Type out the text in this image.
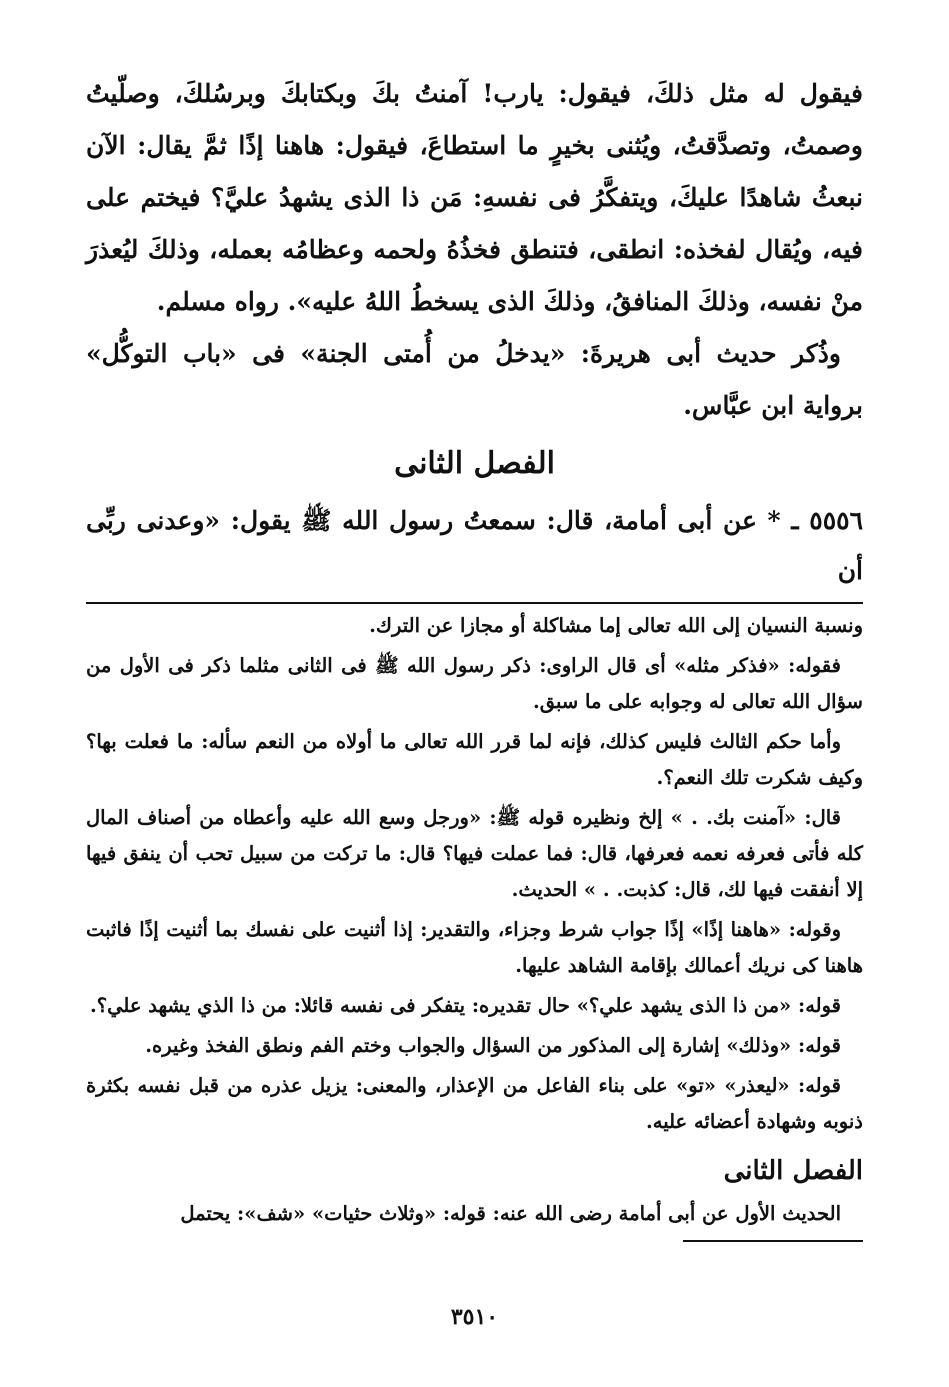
فيقول له مثل ذلكَ، فيقول: يارب! آمنتُ بكَ وبكتابكَ وبرسُلكَ، وصلّيتُ وصمتُ، وتصدَّقتُ، ويُثنى بخيرٍ ما استطاعَ، فيقول: هاهنا إذًا ثمَّ يقال: الآن نبعثُ شاهدًا عليكَ، ويتفكَّرُ فى نفسهِ: مَن ذا الذى يشهدُ عليَّ؟ فيختم على فيه، ويُقال لفخذه: انطقى، فتنطق فخذُهُ ولحمه وعظامُه بعمله، وذلكَ ليُعذرَ منْ نفسه، وذلكَ المنافقُ، وذلكَ الذى يسخطُ اللهُ عليه». رواه مسلم.

وذُكر حديث أبى هريرةَ: «يدخلُ من أُمتى الجنة» فى «باب التوكُّل» برواية ابن عبَّاس.

الفصل الثانى

٥٥٥٦ ـ * عن أبى أمامة، قال: سمعتُ رسول الله ﷺ يقول: «وعدنى ربِّى أن

ونسبة النسيان إلى الله تعالى إما مشاكلة أو مجازا عن الترك.

فقوله: «فذكر مثله» أى قال الراوى: ذكر رسول الله ﷺ فى الثانى مثلما ذكر فى الأول من سؤال الله تعالى له وجوابه على ما سبق.

وأما حكم الثالث فليس كذلك، فإنه لما قرر الله تعالى ما أولاه من النعم سأله: ما فعلت بها؟ وكيف شكرت تلك النعم؟.

قال: «آمنت بك. . » إلخ ونظيره قوله ﷺ: «ورجل وسع الله عليه وأعطاه من أصناف المال كله فأتى فعرفه نعمه فعرفها، قال: فما عملت فيها؟ قال: ما تركت من سبيل تحب أن ينفق فيها إلا أنفقت فيها لك، قال: كذبت. . » الحديث.

وقوله: «هاهنا إذًا» إذًا جواب شرط وجزاء، والتقدير: إذا أثنيت على نفسك بما أثنيت إذًا فاثبت هاهنا كى نريك أعمالك بإقامة الشاهد عليها.

قوله: «من ذا الذى يشهد علي؟» حال تقديره: يتفكر فى نفسه قائلا: من ذا الذي يشهد علي؟.

قوله: «وذلك» إشارة إلى المذكور من السؤال والجواب وختم الفم ونطق الفخذ وغيره.

قوله: «ليعذر» «تو» على بناء الفاعل من الإعذار، والمعنى: يزيل عذره من قبل نفسه بكثرة ذنوبه وشهادة أعضائه عليه.

الفصل الثانى

الحديث الأول عن أبى أمامة رضى الله عنه: قوله: «وثلاث حثيات» «شف»: يحتمل

٣٥١٠
